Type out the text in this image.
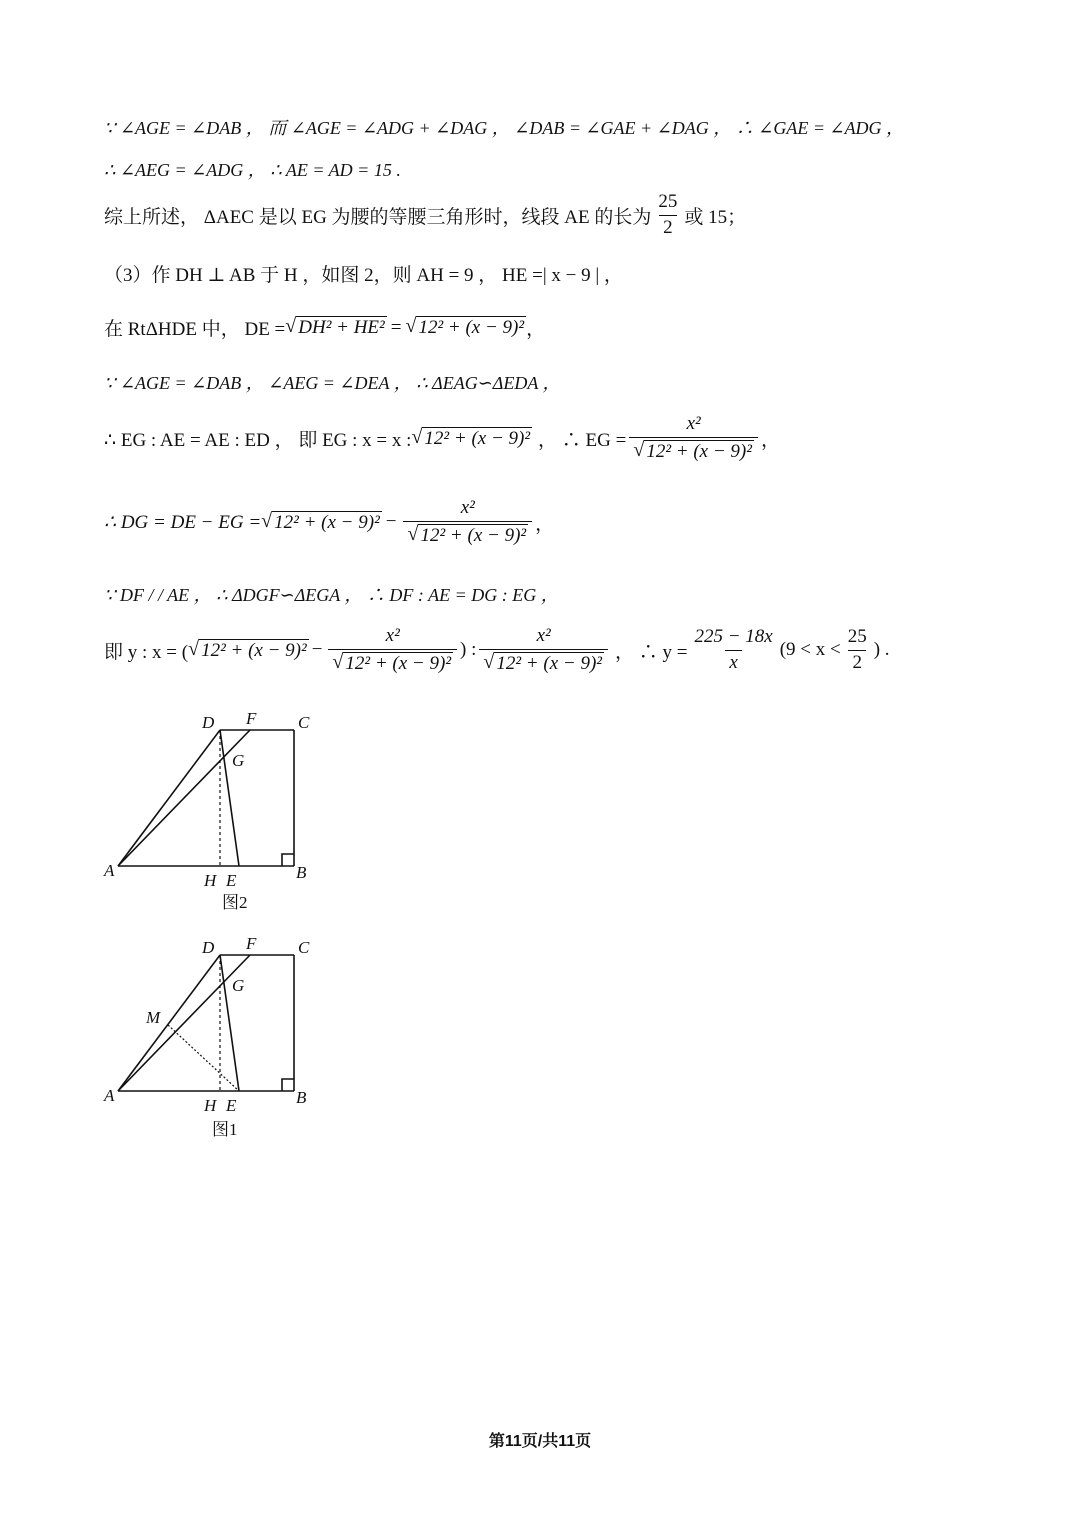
∵ ∠AGE = ∠DAB ， 而 ∠AGE = ∠ADG + ∠DAG ， ∠DAB = ∠GAE + ∠DAG ， ∴ ∠GAE = ∠ADG ，
∴ ∠AEG = ∠ADG ， ∴ AE = AD = 15 .
综上所述， ΔAEC 是以 EG 为腰的等腰三角形时，线段 AE 的长为 $\frac{25}{2}$ 或 15；
（3）作 DH ⊥ AB 于 H ，如图 2，则 AH = 9 ， HE =| x − 9 | ，
在 RtΔHDE 中， DE = √ DH² + HE² = √ 12² + (x − 9)² ，
∵ ∠AGE = ∠DAB ， ∠AEG = ∠DEA ， ∴ ΔEAG∽ΔEDA ，
∴ EG : AE = AE : ED ， 即 EG : x = x : √ 12² + (x − 9)² ， ∴ EG = $\frac{\text{x²}}{\text{√ 12² + (x − 9)²}}$ ，
∴ DG = DE − EG = √ $12^2 + (x - 9)^2 - \frac{\text{x²}}{\text{√ 12² + (x − 9)²}}$ ，
∵ DF / / AE ， ∴ ΔDGF∽ΔEGA ， ∴ DF : AE = DG : EG ，
即 y : x = ( √ $12^2 + (x - 9)^2 - \frac{\text{x²}}{\text{√ 12² + (x − 9)²}}$ ) : $\frac{\text{x²}}{\text{√ 12² + (x − 9)²}}$ ， ∴ $y = \frac{225 - 18x}{x} (9 < x < \frac{25}{2}$ ) .
D F C
G
A
H E	B
图2
D F C
G
M
A
H E	B
图1
第11页/共11页
